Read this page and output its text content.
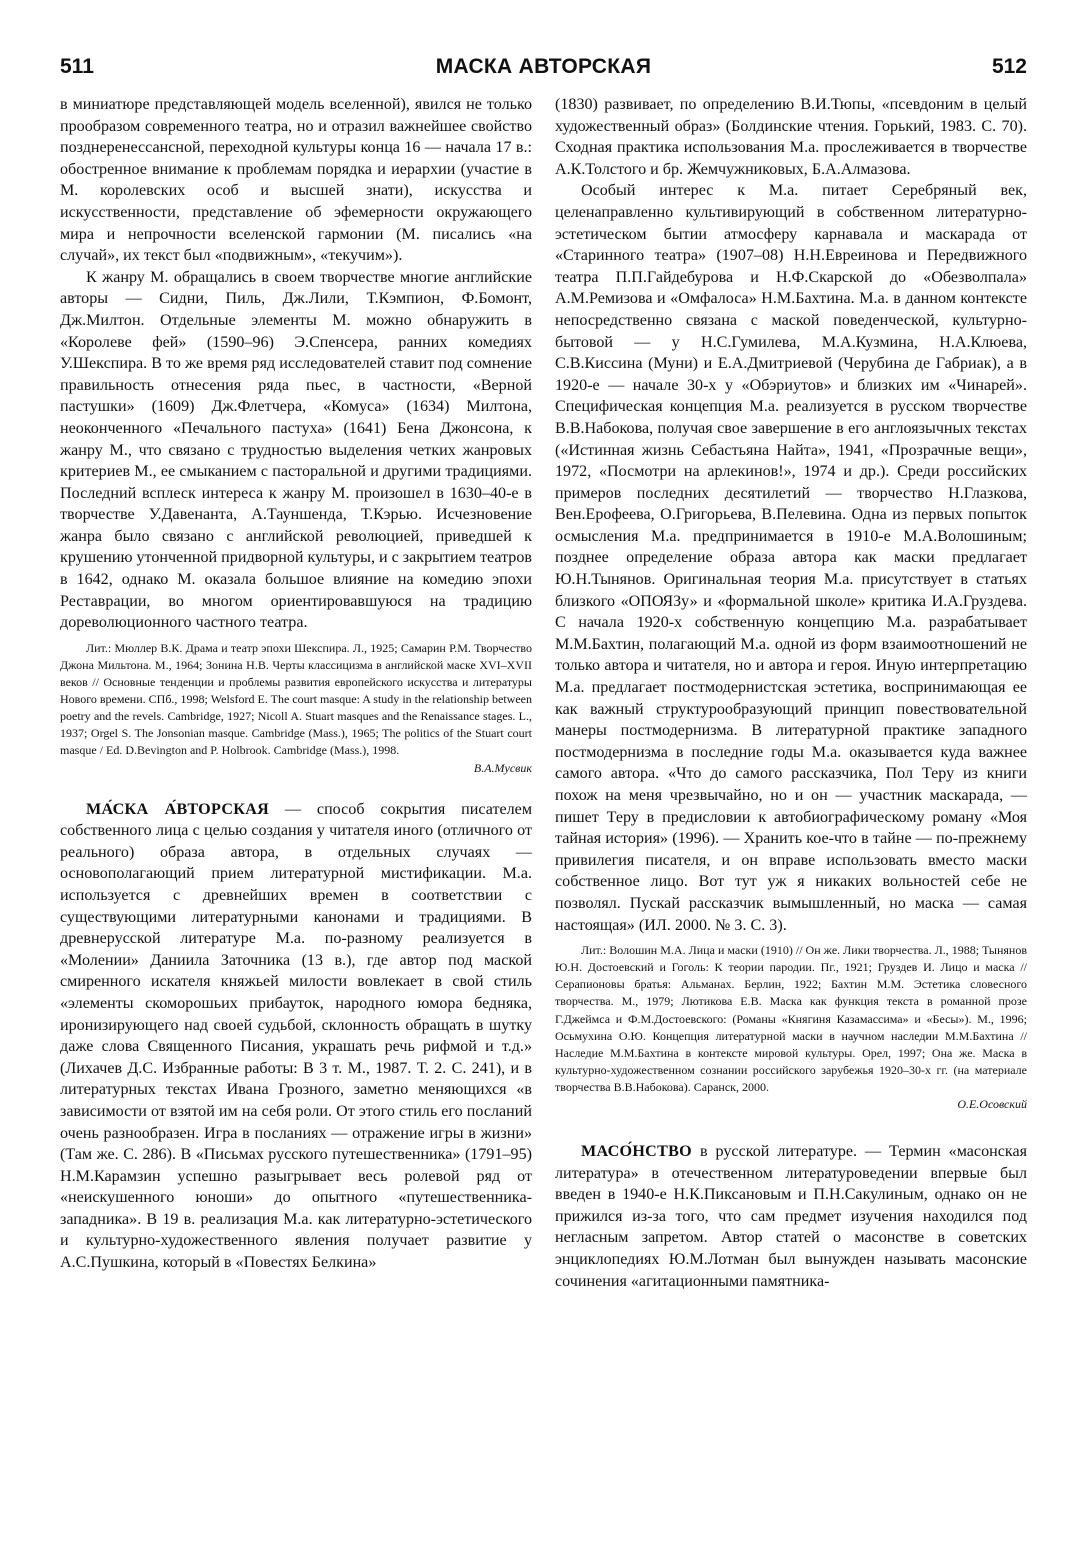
511	МАСКА АВТОРСКАЯ	512

в миниатюре представляющей модель вселенной), явился не только прообразом современного театра, но и отразил важнейшее свойство позднеренессансной, переходной культуры конца 16 — начала 17 в.: обостренное внимание к проблемам порядка и иерархии (участие в М. королевских особ и высшей знати), искусства и искусственности, представление об эфемерности окружающего мира и непрочности вселенской гармонии (М. писались «на случай», их текст был «подвижным», «текучим»).

К жанру М. обращались в своем творчестве многие английские авторы — Сидни, Пиль, Дж.Лили, Т.Кэмпион, Ф.Бомонт, Дж.Милтон. Отдельные элементы М. можно обнаружить в «Королеве фей» (1590–96) Э.Спенсера, ранних комедиях У.Шекспира. В то же время ряд исследователей ставит под сомнение правильность отнесения ряда пьес, в частности, «Верной пастушки» (1609) Дж.Флетчера, «Комуса» (1634) Милтона, неоконченного «Печального пастуха» (1641) Бена Джонсона, к жанру М., что связано с трудностью выделения четких жанровых критериев М., ее смыканием с пасторальной и другими традициями. Последний всплеск интереса к жанру М. произошел в 1630–40-е в творчестве У.Давенанта, А.Тауншенда, Т.Кэрью. Исчезновение жанра было связано с английской революцией, приведшей к крушению утонченной придворной культуры, и с закрытием театров в 1642, однако М. оказала большое влияние на комедию эпохи Реставрации, во многом ориентировавшуюся на традицию дореволюционного частного театра.

Лит.: Мюллер В.К. Драма и театр эпохи Шекспира. Л., 1925; Самарин Р.М. Творчество Джона Мильтона. М., 1964; Зонина Н.В. Черты классицизма в английской маске XVI–XVII веков // Основные тенденции и проблемы развития европейского искусства и литературы Нового времени. СПб., 1998; Welsford E. The court masque: A study in the relationship between poetry and the revels. Cambridge, 1927; Nicoll A. Stuart masques and the Renaissance stages. L., 1937; Orgel S. The Jonsonian masque. Cambridge (Mass.), 1965; The politics of the Stuart court masque / Ed. D.Bevington and P. Holbrook. Cambridge (Mass.), 1998.
В.А.Мусвик

МА́СКА А́ВТОРСКАЯ — способ сокрытия писателем собственного лица с целью создания у читателя иного (отличного от реального) образа автора, в отдельных случаях — основополагающий прием литературной мистификации. М.а. используется с древнейших времен в соответствии с существующими литературными канонами и традициями. В древнерусской литературе М.а. по-разному реализуется в «Молении» Даниила Заточника (13 в.), где автор под маской смиренного искателя княжьей милости вовлекает в свой стиль «элементы скоморошьих прибауток, народного юмора бедняка, иронизирующего над своей судьбой, склонность обращать в шутку даже слова Священного Писания, украшать речь рифмой и т.д.» (Лихачев Д.С. Избранные работы: В 3 т. М., 1987. Т. 2. С. 241), и в литературных текстах Ивана Грозного, заметно меняющихся «в зависимости от взятой им на себя роли. От этого стиль его посланий очень разнообразен. Игра в посланиях — отражение игры в жизни» (Там же. С. 286). В «Письмах русского путешественника» (1791–95) Н.М.Карамзин успешно разыгрывает весь ролевой ряд от «неискушенного юноши» до опытного «путешественника-западника». В 19 в. реализация М.а. как литературно-эстетического и культурно-художественного явления получает развитие у А.С.Пушкина, который в «Повестях Белкина»

(1830) развивает, по определению В.И.Тюпы, «псевдоним в целый художественный образ» (Болдинские чтения. Горький, 1983. С. 70). Сходная практика использования М.а. прослеживается в творчестве А.К.Толстого и бр. Жемчужниковых, Б.А.Алмазова.

Особый интерес к М.а. питает Серебряный век, целенаправленно культивирующий в собственном литературно-эстетическом бытии атмосферу карнавала и маскарада от «Старинного театра» (1907–08) Н.Н.Евреинова и Передвижного театра П.П.Гайдебурова и Н.Ф.Скарской до «Обезволпала» А.М.Ремизова и «Омфалоса» Н.М.Бахтина. М.а. в данном контексте непосредственно связана с маской поведенческой, культурно-бытовой — у Н.С.Гумилева, М.А.Кузмина, Н.А.Клюева, С.В.Киссина (Муни) и Е.А.Дмитриевой (Черубина де Габриак), а в 1920-е — начале 30-х у «Обэриутов» и близких им «Чинарей». Специфическая концепция М.а. реализуется в русском творчестве В.В.Набокова, получая свое завершение в его англоязычных текстах («Истинная жизнь Себастьяна Найта», 1941, «Прозрачные вещи», 1972, «Посмотри на арлекинов!», 1974 и др.). Среди российских примеров последних десятилетий — творчество Н.Глазкова, Вен.Ерофеева, О.Григорьева, В.Пелевина. Одна из первых попыток осмысления М.а. предпринимается в 1910-е М.А.Волошиным; позднее определение образа автора как маски предлагает Ю.Н.Тынянов. Оригинальная теория М.а. присутствует в статьях близкого «ОПОЯЗу» и «формальной школе» критика И.А.Груздева. С начала 1920-х собственную концепцию М.а. разрабатывает М.М.Бахтин, полагающий М.а. одной из форм взаимоотношений не только автора и читателя, но и автора и героя. Иную интерпретацию М.а. предлагает постмодернистская эстетика, воспринимающая ее как важный структурообразующий принцип повествовательной манеры постмодернизма. В литературной практике западного постмодернизма в последние годы М.а. оказывается куда важнее самого автора. «Что до самого рассказчика, Пол Теру из книги похож на меня чрезвычайно, но и он — участник маскарада, — пишет Теру в предисловии к автобиографическому роману «Моя тайная история» (1996). — Хранить кое-что в тайне — по-прежнему привилегия писателя, и он вправе использовать вместо маски собственное лицо. Вот тут уж я никаких вольностей себе не позволял. Пускай рассказчик вымышленный, но маска — самая настоящая» (ИЛ. 2000. № 3. С. 3).

Лит.: Волошин М.А. Лица и маски (1910) // Он же. Лики творчества. Л., 1988; Тынянов Ю.Н. Достоевский и Гоголь: К теории пародии. Пг., 1921; Груздев И. Лицо и маска // Серапионовы братья: Альманах. Берлин, 1922; Бахтин М.М. Эстетика словесного творчества. М., 1979; Лютикова Е.В. Маска как функция текста в романной прозе Г.Джеймса и Ф.М.Достоевского: (Романы «Княгиня Казамассима» и «Бесы»). М., 1996; Осьмухина О.Ю. Концепция литературной маски в научном наследии М.М.Бахтина // Наследие М.М.Бахтина в контексте мировой культуры. Орел, 1997; Она же. Маска в культурно-художественном сознании российского зарубежья 1920–30-х гг. (на материале творчества В.В.Набокова). Саранск, 2000.
О.Е.Осовский

МАСО́НСТВО в русской литературе. — Термин «масонская литература» в отечественном литературоведении впервые был введен в 1940-е Н.К.Пиксановым и П.Н.Сакулиным, однако он не прижился из-за того, что сам предмет изучения находился под негласным запретом. Автор статей о масонстве в советских энциклопедиях Ю.М.Лотман был вынужден называть масонские сочинения «агитационными памятника-
